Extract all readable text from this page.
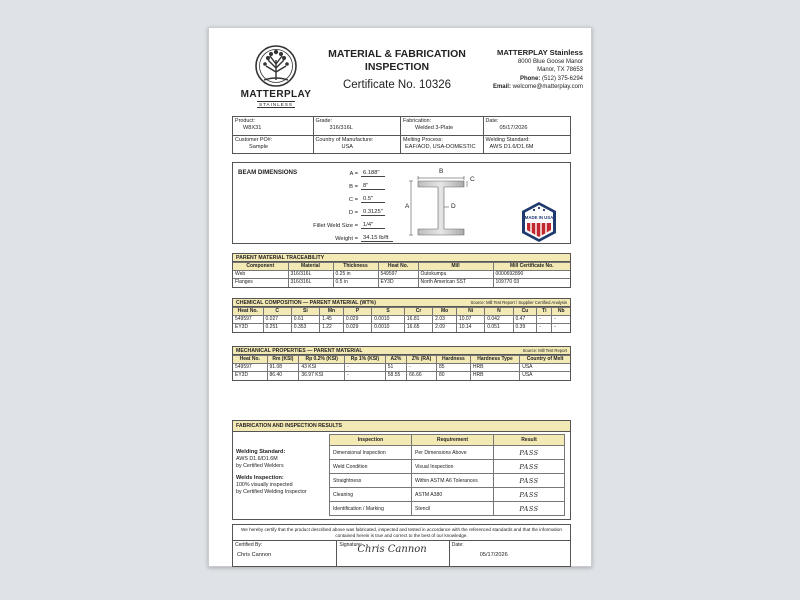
MATTERPLAY
STAINLESS
MATERIAL & FABRICATION INSPECTION
Certificate No. 10326
MATTERPLAY Stainless
8000 Blue Goose Manor
Manor, TX 78653
Phone: (512) 375-6294
Email: welcome@matterplay.com
Product:
W8X31
Grade:
316/316L
Fabrication:
Welded 3-Plate
Date:
05/17/2026
Customer PO#:
Sample
Country of Manufacture:
USA
Melting Process:
EAF/AOD, USA-DOMESTIC
Welding Standard:
AWS D1.6/D1.6M
BEAM DIMENSIONS	A = 6.188"
B = 8"
C = 0.5"
D = 0.3125"
Fillet Weld Size = 1/4"
Weight = 34.15 lb/ft
B
A
C
D
MADE IN USA
PARENT MATERIAL TRACEABILITY
Component	Material	Thickness	Heat No.	Mill	Mill Certificate No.
Web	316/316L	0.25 in	549597	Outokumpu	0000692890
Flanges	316/316L	0.5 in	EY3D	North American SST	109770 03
CHEMICAL COMPOSITION — PARENT MATERIAL (WT%)	Source: Mill Test Report / Supplier Certified Analysis
Heat No.	C	Si	Mn	P	S	Cr	Mo	Ni	N	Cu	Ti	Nb
549597	0.027	0.61	1.45	0.029	0.0010	16.81	2.03	10.07	0.042	0.47	-	-
EY3D	0.251	0.353	1.22	0.029	0.0010	16.65	2.09	10.14	0.051	0.39	-	-
MECHANICAL PROPERTIES — PARENT MATERIAL	Source: Mill Test Report
Heat No.	Rm (KSI)	Rp 0.2% (KSI)	Rp 1% (KSI)	A2%	Z% (RA)	Hardness	Hardness Type	Country of Melt
549597	91.08	43 KSI	-	51	-	85	HRB	USA
EY3D	86.40	36.97 KSI	-	58.55	66.66	80	HRB	USA
FABRICATION AND INSPECTION RESULTS
Welding Standard:
AWS D1.6/D1.6M
by Certified Welders

Welds Inspection:
100% visually inspected
by Certified Welding Inspector
Inspection	Requirement	Result
Dimensional Inspection	Per Dimensions Above	PASS
Weld Condition	Visual Inspection	PASS
Straightness	Within ASTM A6 Tolerances	PASS
Cleaning	ASTM A380	PASS
Identification / Marking	Stencil	PASS
We hereby certify that the product described above was fabricated, inspected and tested in accordance with the referenced standards and that the information contained herein is true and correct to the best of our knowledge.
Certified By:
Chris Cannon
Signature:
Chris Cannon	Date:
05/17/2026
